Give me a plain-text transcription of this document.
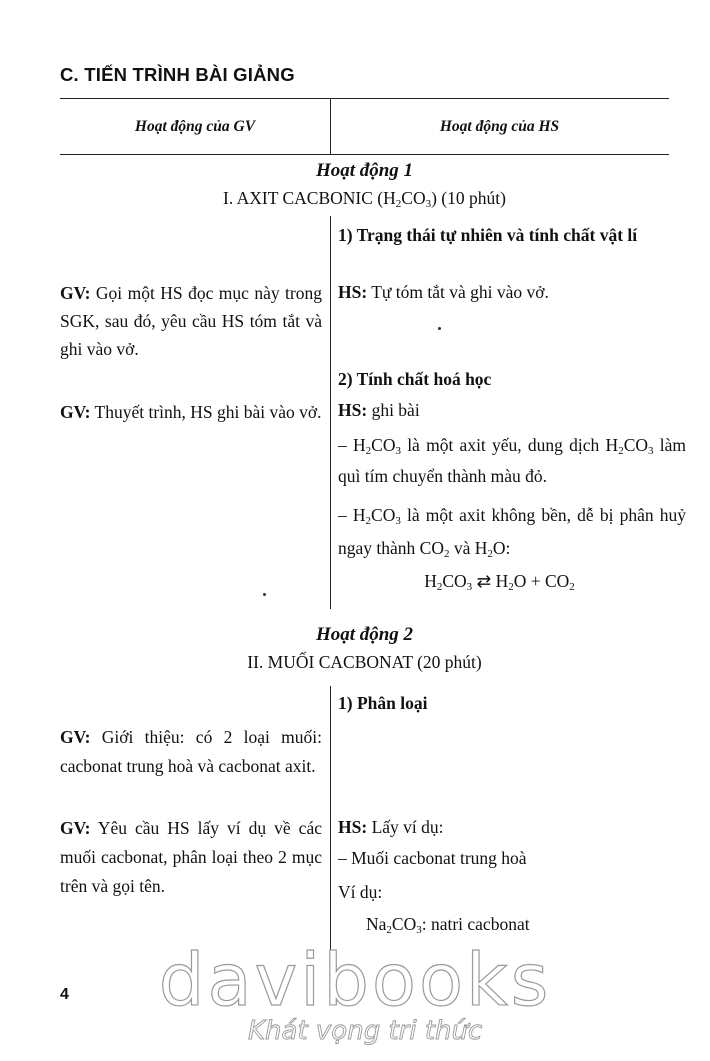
C. TIẾN TRÌNH BÀI GIẢNG
Hoạt động của GV	Hoạt động của HS
Hoạt động 1
I. AXIT CACBONIC $(H_2CO_3)$ (10 phút)
1) Trạng thái tự nhiên và tính chất vật lí
GV: Gọi một HS đọc mục này trong SGK, sau đó, yêu cầu HS tóm tắt và ghi vào vở.
HS: Tự tóm tắt và ghi vào vở.
2) Tính chất hoá học
GV: Thuyết trình, HS ghi bài vào vở. HS: ghi bài
– $H_2CO_3$ là một axit yếu, dung dịch $H_2CO_3$ làm quì tím chuyển thành màu đỏ.
– $H_2CO_3$ là một axit không bền, dễ bị phân huỷ ngay thành $CO_2$ và $H_2O$:
$H_2CO_3$ ⇄ $H_2O + CO_2$
Hoạt động 2
II. MUỐI CACBONAT (20 phút)
1) Phân loại
GV: Giới thiệu: có 2 loại muối: cacbonat trung hoà và cacbonat axit.
GV: Yêu cầu HS lấy ví dụ về các muối cacbonat, phân loại theo 2 mục trên và gọi tên.
HS: Lấy ví dụ:
– Muối cacbonat trung hoà
Ví dụ:
$Na_2CO_3$: natri cacbonat
4	davibooks
Khát vọng tri thức
